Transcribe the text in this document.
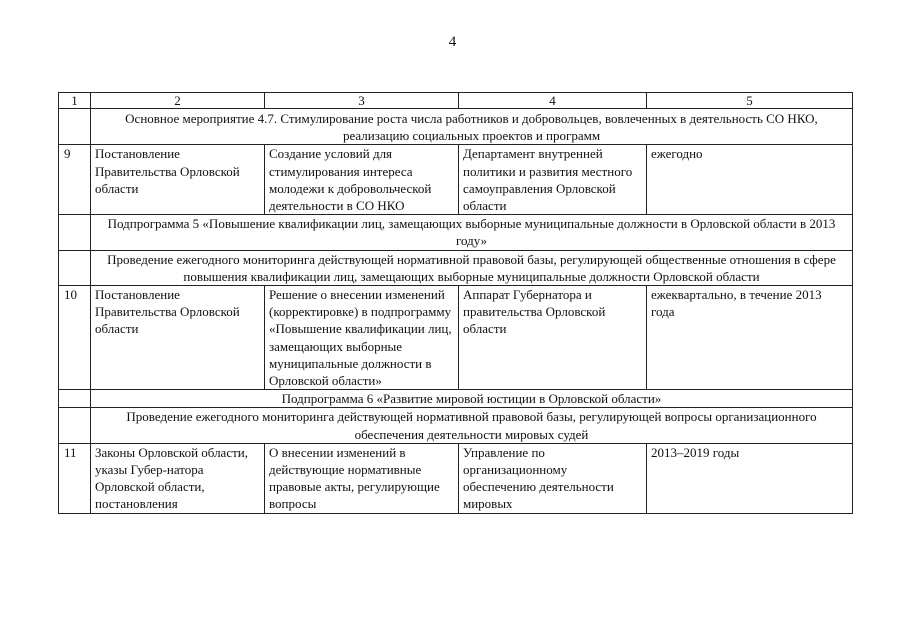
4
1	2	3	4	5
	Основное мероприятие 4.7. Стимулирование роста числа работников и добровольцев, вовлеченных в деятельность СО НКО, реализацию социальных проектов и программ			
9	Постановление Правительства Орловской области	Создание условий для стимулирования интереса молодежи к добровольческой деятельности в СО НКО	Департамент внутренней политики и развития местного самоуправления Орловской области	ежегодно
	Подпрограмма 5 «Повышение квалификации лиц, замещающих выборные муниципальные должности в Орловской области в 2013 году»			
	Проведение ежегодного мониторинга действующей нормативной правовой базы, регулирующей общественные отношения в сфере повышения квалификации лиц, замещающих выборные муниципальные должности Орловской области			
10	Постановление Правительства Орловской области	Решение о внесении изменений (корректировке) в подпрограмму «Повышение квалификации лиц, замещающих выборные муниципальные должности в Орловской области»	Аппарат Губернатора и правительства Орловской области	ежеквартально, в течение 2013 года
	Подпрограмма 6 «Развитие мировой юстиции в Орловской области»			
	Проведение ежегодного мониторинга действующей нормативной правовой базы, регулирующей вопросы организационного обеспечения деятельности мировых судей			
11	Законы Орловской области, указы Губер-натора Орловской области, постановления	О внесении изменений в действующие нормативные правовые акты, регулирующие вопросы	Управление по организационному обеспечению деятельности мировых	2013–2019 годы
